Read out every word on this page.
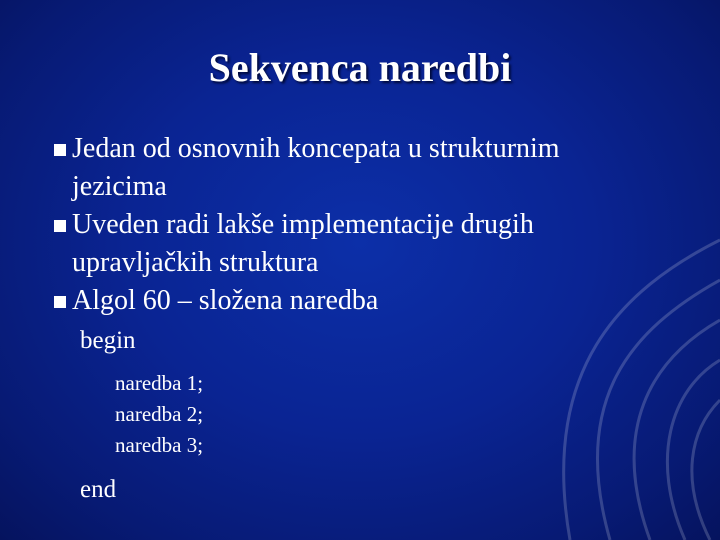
Sekvenca naredbi
Jedan od osnovnih koncepata u strukturnim
jezicima
Uveden radi lakše implementacije drugih
upravljačkih struktura
Algol 60 – složena naredba
begin
naredba 1;
naredba 2;
naredba 3;
end
